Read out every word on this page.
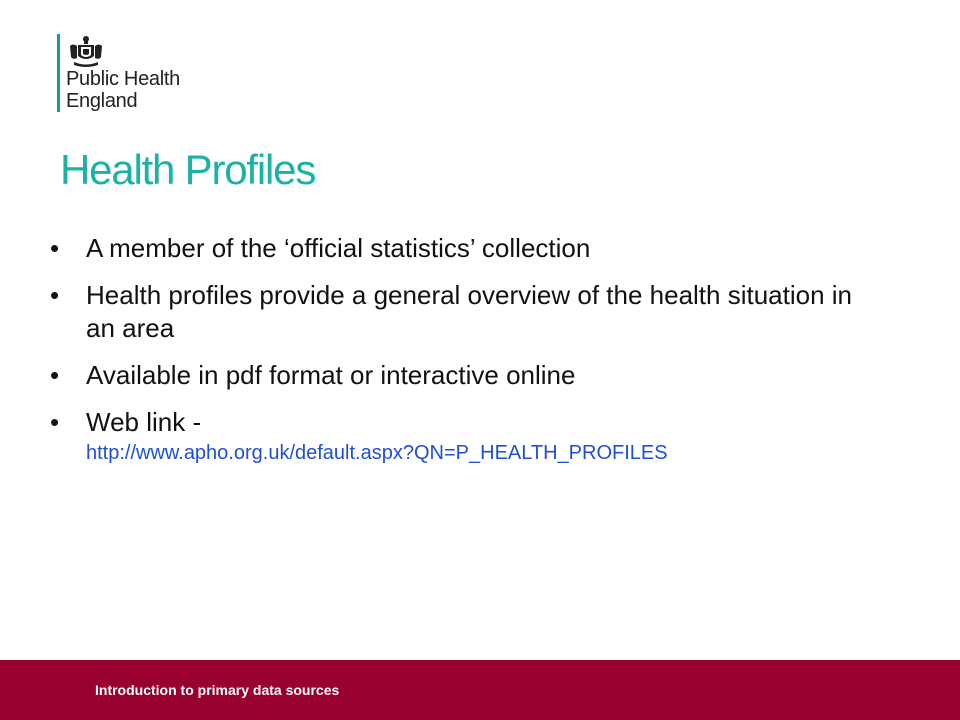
Public Health
England
Health Profiles
• A member of the ‘official statistics’ collection
• Health profiles provide a general overview of the health situation in an area
• Available in pdf format or interactive online
• Web link -
http://www.apho.org.uk/default.aspx?QN=P_HEALTH_PROFILES
Introduction to primary data sources
